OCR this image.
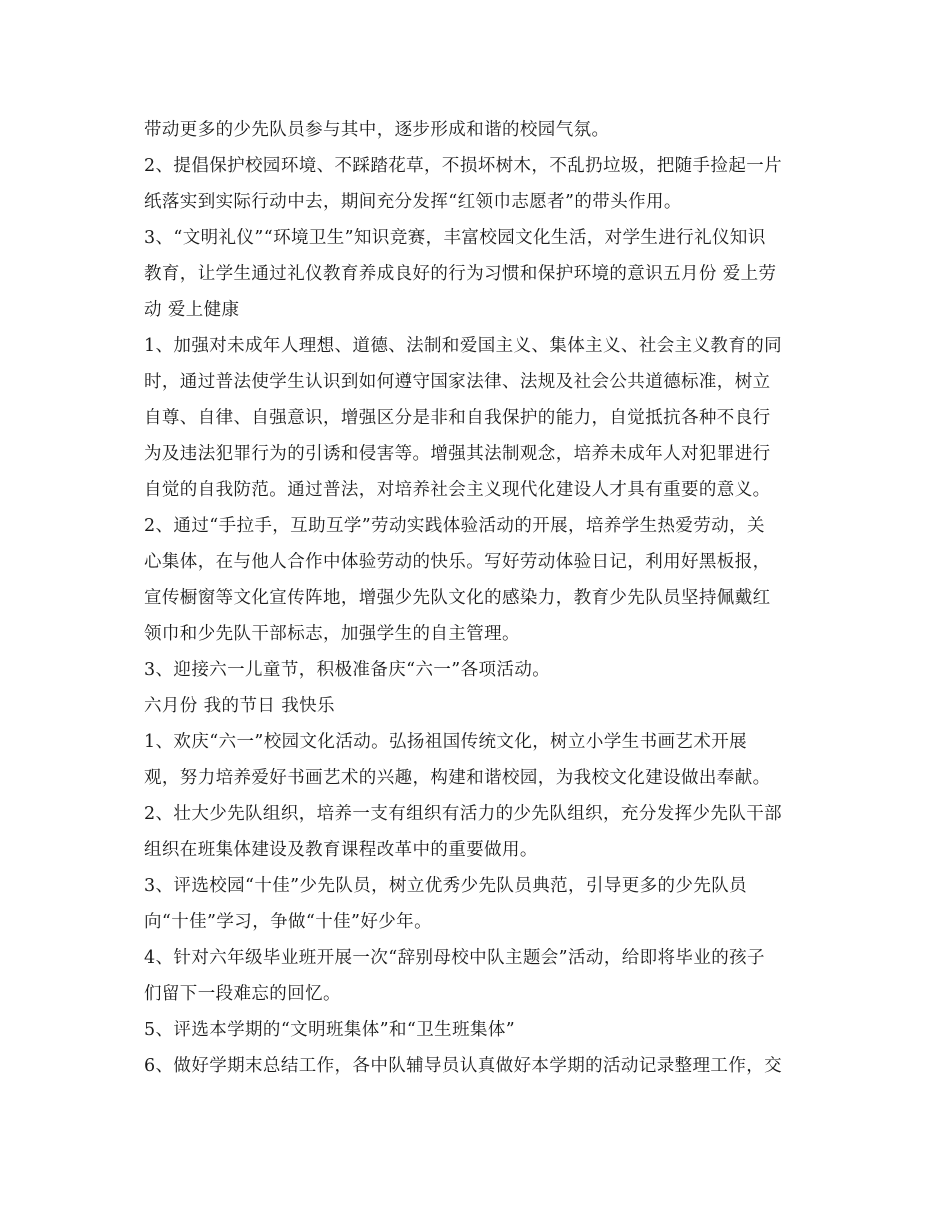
带动更多的少先队员参与其中，逐步形成和谐的校园气氛。
2、提倡保护校园环境、不踩踏花草，不损坏树木，不乱扔垃圾，把随手捡起一片
纸落实到实际行动中去，期间充分发挥“红领巾志愿者”的带头作用。
3、“文明礼仪”“环境卫生”知识竞赛，丰富校园文化生活，对学生进行礼仪知识
教育，让学生通过礼仪教育养成良好的行为习惯和保护环境的意识五月份 爱上劳
动 爱上健康
1、加强对未成年人理想、道德、法制和爱国主义、集体主义、社会主义教育的同
时，通过普法使学生认识到如何遵守国家法律、法规及社会公共道德标准，树立
自尊、自律、自强意识，增强区分是非和自我保护的能力，自觉抵抗各种不良行
为及违法犯罪行为的引诱和侵害等。增强其法制观念，培养未成年人对犯罪进行
自觉的自我防范。通过普法，对培养社会主义现代化建设人才具有重要的意义。
2、通过“手拉手，互助互学”劳动实践体验活动的开展，培养学生热爱劳动，关
心集体，在与他人合作中体验劳动的快乐。写好劳动体验日记，利用好黑板报，
宣传橱窗等文化宣传阵地，增强少先队文化的感染力，教育少先队员坚持佩戴红
领巾和少先队干部标志，加强学生的自主管理。
3、迎接六一儿童节，积极准备庆“六一”各项活动。
六月份 我的节日 我快乐
1、欢庆“六一”校园文化活动。弘扬祖国传统文化，树立小学生书画艺术开展
观，努力培养爱好书画艺术的兴趣，构建和谐校园，为我校文化建设做出奉献。
2、壮大少先队组织，培养一支有组织有活力的少先队组织，充分发挥少先队干部
组织在班集体建设及教育课程改革中的重要做用。
3、评选校园“十佳”少先队员，树立优秀少先队员典范，引导更多的少先队员
向“十佳”学习，争做“十佳”好少年。
4、针对六年级毕业班开展一次“辞别母校中队主题会”活动，给即将毕业的孩子
们留下一段难忘的回忆。
5、评选本学期的“文明班集体”和“卫生班集体”
6、做好学期末总结工作，各中队辅导员认真做好本学期的活动记录整理工作，交
